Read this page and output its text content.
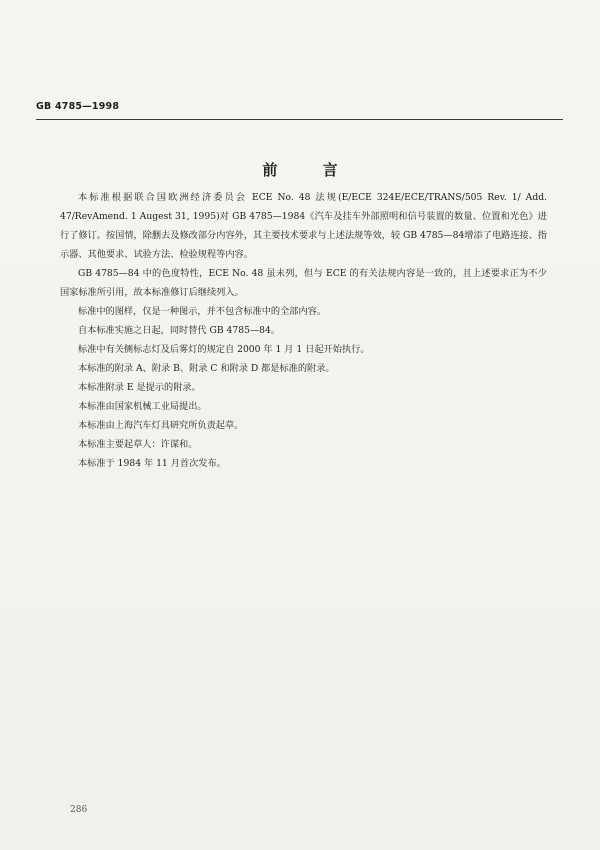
GB 4785—1998
前 言

本标准根据联合国欧洲经济委员会 ECE No. 48 法规(E/ECE 324E/ECE/TRANS/505 Rev. 1/ Add. 47/RevAmend. 1 Augest 31, 1995)对 GB 4785—1984《汽车及挂车外部照明和信号装置的数量、位置和光色》进行了修订。按国情，除删去及修改部分内容外，其主要技术要求与上述法规等效，较 GB 4785—84增添了电路连接、指示器、其他要求、试验方法、检验规程等内容。

GB 4785—84 中的色度特性，ECE No. 48 虽未列，但与 ECE 的有关法规内容是一致的，且上述要求正为不少国家标准所引用，故本标准修订后继续列入。

标准中的图样，仅是一种图示，并不包含标准中的全部内容。

自本标准实施之日起，同时替代 GB 4785—84。

标准中有关侧标志灯及后雾灯的规定自 2000 年 1 月 1 日起开始执行。

本标准的附录 A、附录 B、附录 C 和附录 D 都是标准的附录。

本标准附录 E 是提示的附录。

本标准由国家机械工业局提出。

本标准由上海汽车灯具研究所负责起草。

本标准主要起草人：许谋和。

本标准于 1984 年 11 月首次发布。

286
